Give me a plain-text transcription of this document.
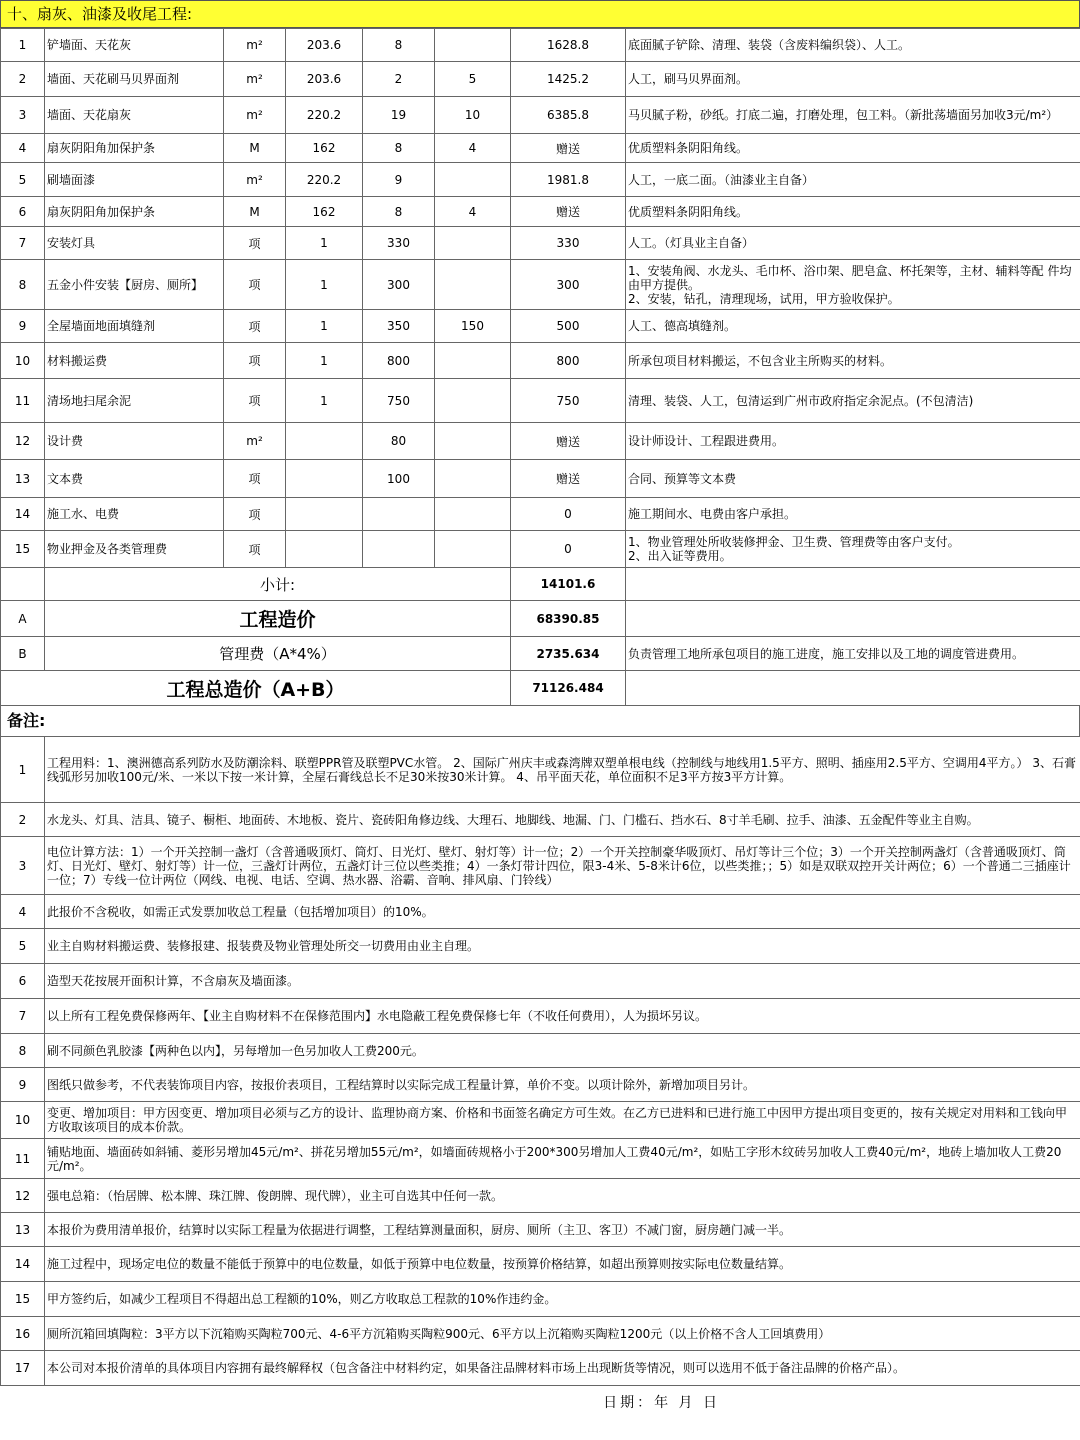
十、扇灰、油漆及收尾工程:
1	铲墙面、天花灰	m²	203.6	8		1628.8	底面腻子铲除、清理、装袋（含废料编织袋）、人工。
2	墙面、天花刷马贝界面剂	m²	203.6	2	5	1425.2	人工，刷马贝界面剂。
3	墙面、天花扇灰	m²	220.2	19	10	6385.8	马贝腻子粉，砂纸。打底二遍，打磨处理，包工料。（新批荡墙面另加收3元/m²）
4	扇灰阴阳角加保护条	M	162	8	4	赠送	优质塑料条阴阳角线。
5	刷墙面漆	m²	220.2	9		1981.8	人工，一底二面。（油漆业主自备）
6	扇灰阴阳角加保护条	M	162	8	4	赠送	优质塑料条阴阳角线。
7	安装灯具	项	1	330		330	人工。（灯具业主自备）
8	五金小件安装【厨房、厕所】	项	1	300		300	1、安装角阀、水龙头、毛巾杯、浴巾架、肥皂盒、杯托架等，主材、辅料等配 件均由甲方提供。
2、安装，钻孔，清理现场，试用，甲方验收保护。
9	全屋墙面地面填缝剂	项	1	350	150	500	人工、德高填缝剂。
10	材料搬运费	项	1	800		800	所承包项目材料搬运，不包含业主所购买的材料。
11	清场地扫尾余泥	项	1	750		750	清理、装袋、人工，包清运到广州市政府指定余泥点。(不包清洁)
12	设计费	m²		80		赠送	设计师设计、工程跟进费用。
13	文本费	项		100		赠送	合同、预算等文本费
14	施工水、电费	项				0	施工期间水、电费由客户承担。
15	物业押金及各类管理费	项				0	1、物业管理处所收装修押金、卫生费、管理费等由客户支付。
2、出入证等费用。
	小计:					14101.6	
A	工程造价					68390.85	
B	管理费（A*4%）					2735.634	负责管理工地所承包项目的施工进度，施工安排以及工地的调度管进费用。
工程总造价（A+B）						71126.484	
备注:
1	工程用料：1、澳洲德高系列防水及防潮涂料、联塑PPR管及联塑PVC水管。 2、国际广州庆丰或森湾牌双塑单根电线（控制线与地线用1.5平方、照明、插座用2.5平方、空调用4平方。） 3、石膏线弧形另加收100元/米、一米以下按一米计算，全屋石膏线总长不足30米按30米计算。 4、吊平面天花，单位面积不足3平方按3平方计算。
2	水龙头、灯具、洁具、镜子、橱柜、地面砖、木地板、瓷片、瓷砖阳角修边线、大理石、地脚线、地漏、门、门槛石、挡水石、8寸羊毛刷、拉手、油漆、五金配件等业主自购。
3	电位计算方法：1）一个开关控制一盏灯（含普通吸顶灯、筒灯、日光灯、壁灯、射灯等）计一位；2）一个开关控制豪华吸顶灯、吊灯等计三个位；3）一个开关控制两盏灯（含普通吸顶灯、筒灯、日光灯、壁灯、射灯等）计一位，三盏灯计两位，五盏灯计三位以些类推；4）一条灯带计四位，限3-4米、5-8米计6位，以些类推；；5）如是双联双控开关计两位；6）一个普通二三插座计一位；7）专线一位计两位（网线、电视、电话、空调、热水器、浴霸、音响、排风扇、门铃线）
4	此报价不含税收，如需正式发票加收总工程量（包括增加项目）的10%。
5	业主自购材料搬运费、装修报建、报装费及物业管理处所交一切费用由业主自理。
6	造型天花按展开面积计算，不含扇灰及墙面漆。
7	以上所有工程免费保修两年、【业主自购材料不在保修范围内】水电隐蔽工程免费保修七年（不收任何费用），人为损坏另议。
8	刷不同颜色乳胶漆【两种色以内】，另每增加一色另加收人工费200元。
9	图纸只做参考，不代表装饰项目内容，按报价表项目，工程结算时以实际完成工程量计算，单价不变。以项计除外，新增加项目另计。
10	变更、增加项目：甲方因变更、增加项目必须与乙方的设计、监理协商方案、价格和书面签名确定方可生效。在乙方已进料和已进行施工中因甲方提出项目变更的，按有关规定对用料和工钱向甲方收取该项目的成本价款。
11	铺贴地面、墙面砖如斜铺、菱形另增加45元/m²、拼花另增加55元/m²，如墙面砖规格小于200*300另增加人工费40元/m²，如贴工字形木纹砖另加收人工费40元/m²，地砖上墙加收人工费20元/m²。
12	强电总箱：（怡居牌、松本牌、珠江牌、俊朗牌、现代牌），业主可自选其中任何一款。
13	本报价为费用清单报价，结算时以实际工程量为依据进行调整，工程结算测量面积，厨房、厕所（主卫、客卫）不减门窗，厨房趟门减一半。
14	施工过程中，现场定电位的数量不能低于预算中的电位数量，如低于预算中电位数量，按预算价格结算，如超出预算则按实际电位数量结算。
15	甲方签约后，如减少工程项目不得超出总工程额的10%，则乙方收取总工程款的10%作违约金。
16	厕所沉箱回填陶粒：3平方以下沉箱购买陶粒700元、4-6平方沉箱购买陶粒900元、6平方以上沉箱购买陶粒1200元（以上价格不含人工回填费用）
17	本公司对本报价清单的具体项目内容拥有最终解释权（包含备注中材料约定，如果备注品牌材料市场上出现断货等情况，则可以选用不低于备注品牌的价格产品）。
日期：年 月 日
